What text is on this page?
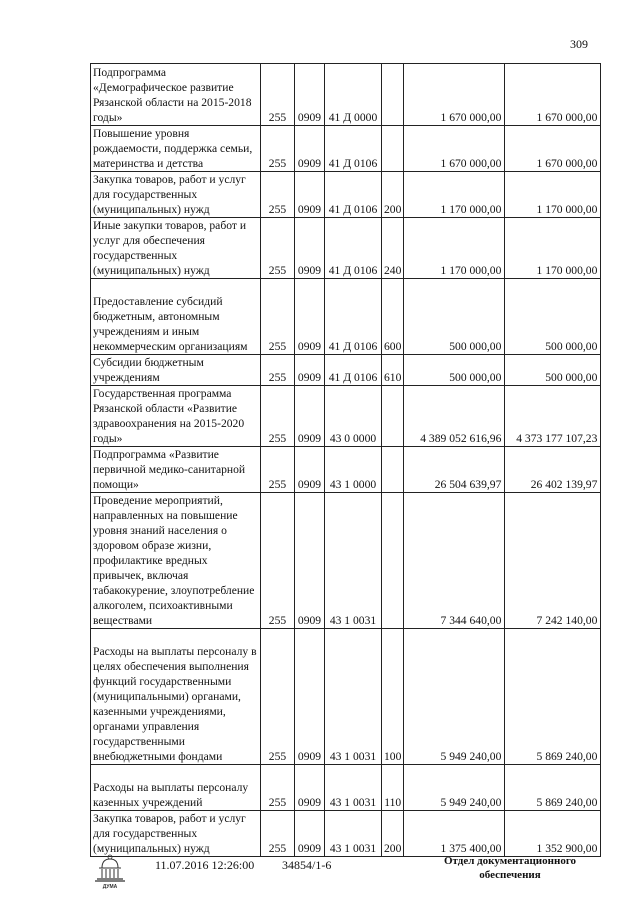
309
Подпрограмма «Демографическое развитие Рязанской области на 2015-2018 годы»	255	0909	41 Д 0000		1 670 000,00	1 670 000,00
Повышение уровня рождаемости, поддержка семьи, материнства и детства	255	0909	41 Д 0106		1 670 000,00	1 670 000,00
Закупка товаров, работ и услуг для государственных (муниципальных) нужд	255	0909	41 Д 0106	200	1 170 000,00	1 170 000,00
Иные закупки товаров, работ и услуг для обеспечения государственных (муниципальных) нужд	255	0909	41 Д 0106	240	1 170 000,00	1 170 000,00
Предоставление субсидий бюджетным, автономным учреждениям и иным некоммерческим организациям	255	0909	41 Д 0106	600	500 000,00	500 000,00
Субсидии бюджетным учреждениям	255	0909	41 Д 0106	610	500 000,00	500 000,00
Государственная программа Рязанской области «Развитие здравоохранения на 2015-2020 годы»	255	0909	43 0 0000		4 389 052 616,96	4 373 177 107,23
Подпрограмма «Развитие первичной медико-санитарной помощи»	255	0909	43 1 0000		26 504 639,97	26 402 139,97
Проведение мероприятий, направленных на повышение уровня знаний населения о здоровом образе жизни, профилактике вредных привычек, включая табакокурение, злоупотребление алкоголем, психоактивными веществами	255	0909	43 1 0031		7 344 640,00	7 242 140,00
Расходы на выплаты персоналу в целях обеспечения выполнения функций государственными (муниципальными) органами, казенными учреждениями, органами управления государственными внебюджетными фондами	255	0909	43 1 0031	100	5 949 240,00	5 869 240,00
Расходы на выплаты персоналу казенных учреждений	255	0909	43 1 0031	110	5 949 240,00	5 869 240,00
Закупка товаров, работ и услуг для государственных (муниципальных) нужд	255	0909	43 1 0031	200	1 375 400,00	1 352 900,00
ДУМА
11.07.2016 12:26:00 34854/1-6	Отдел документационного обеспечения
